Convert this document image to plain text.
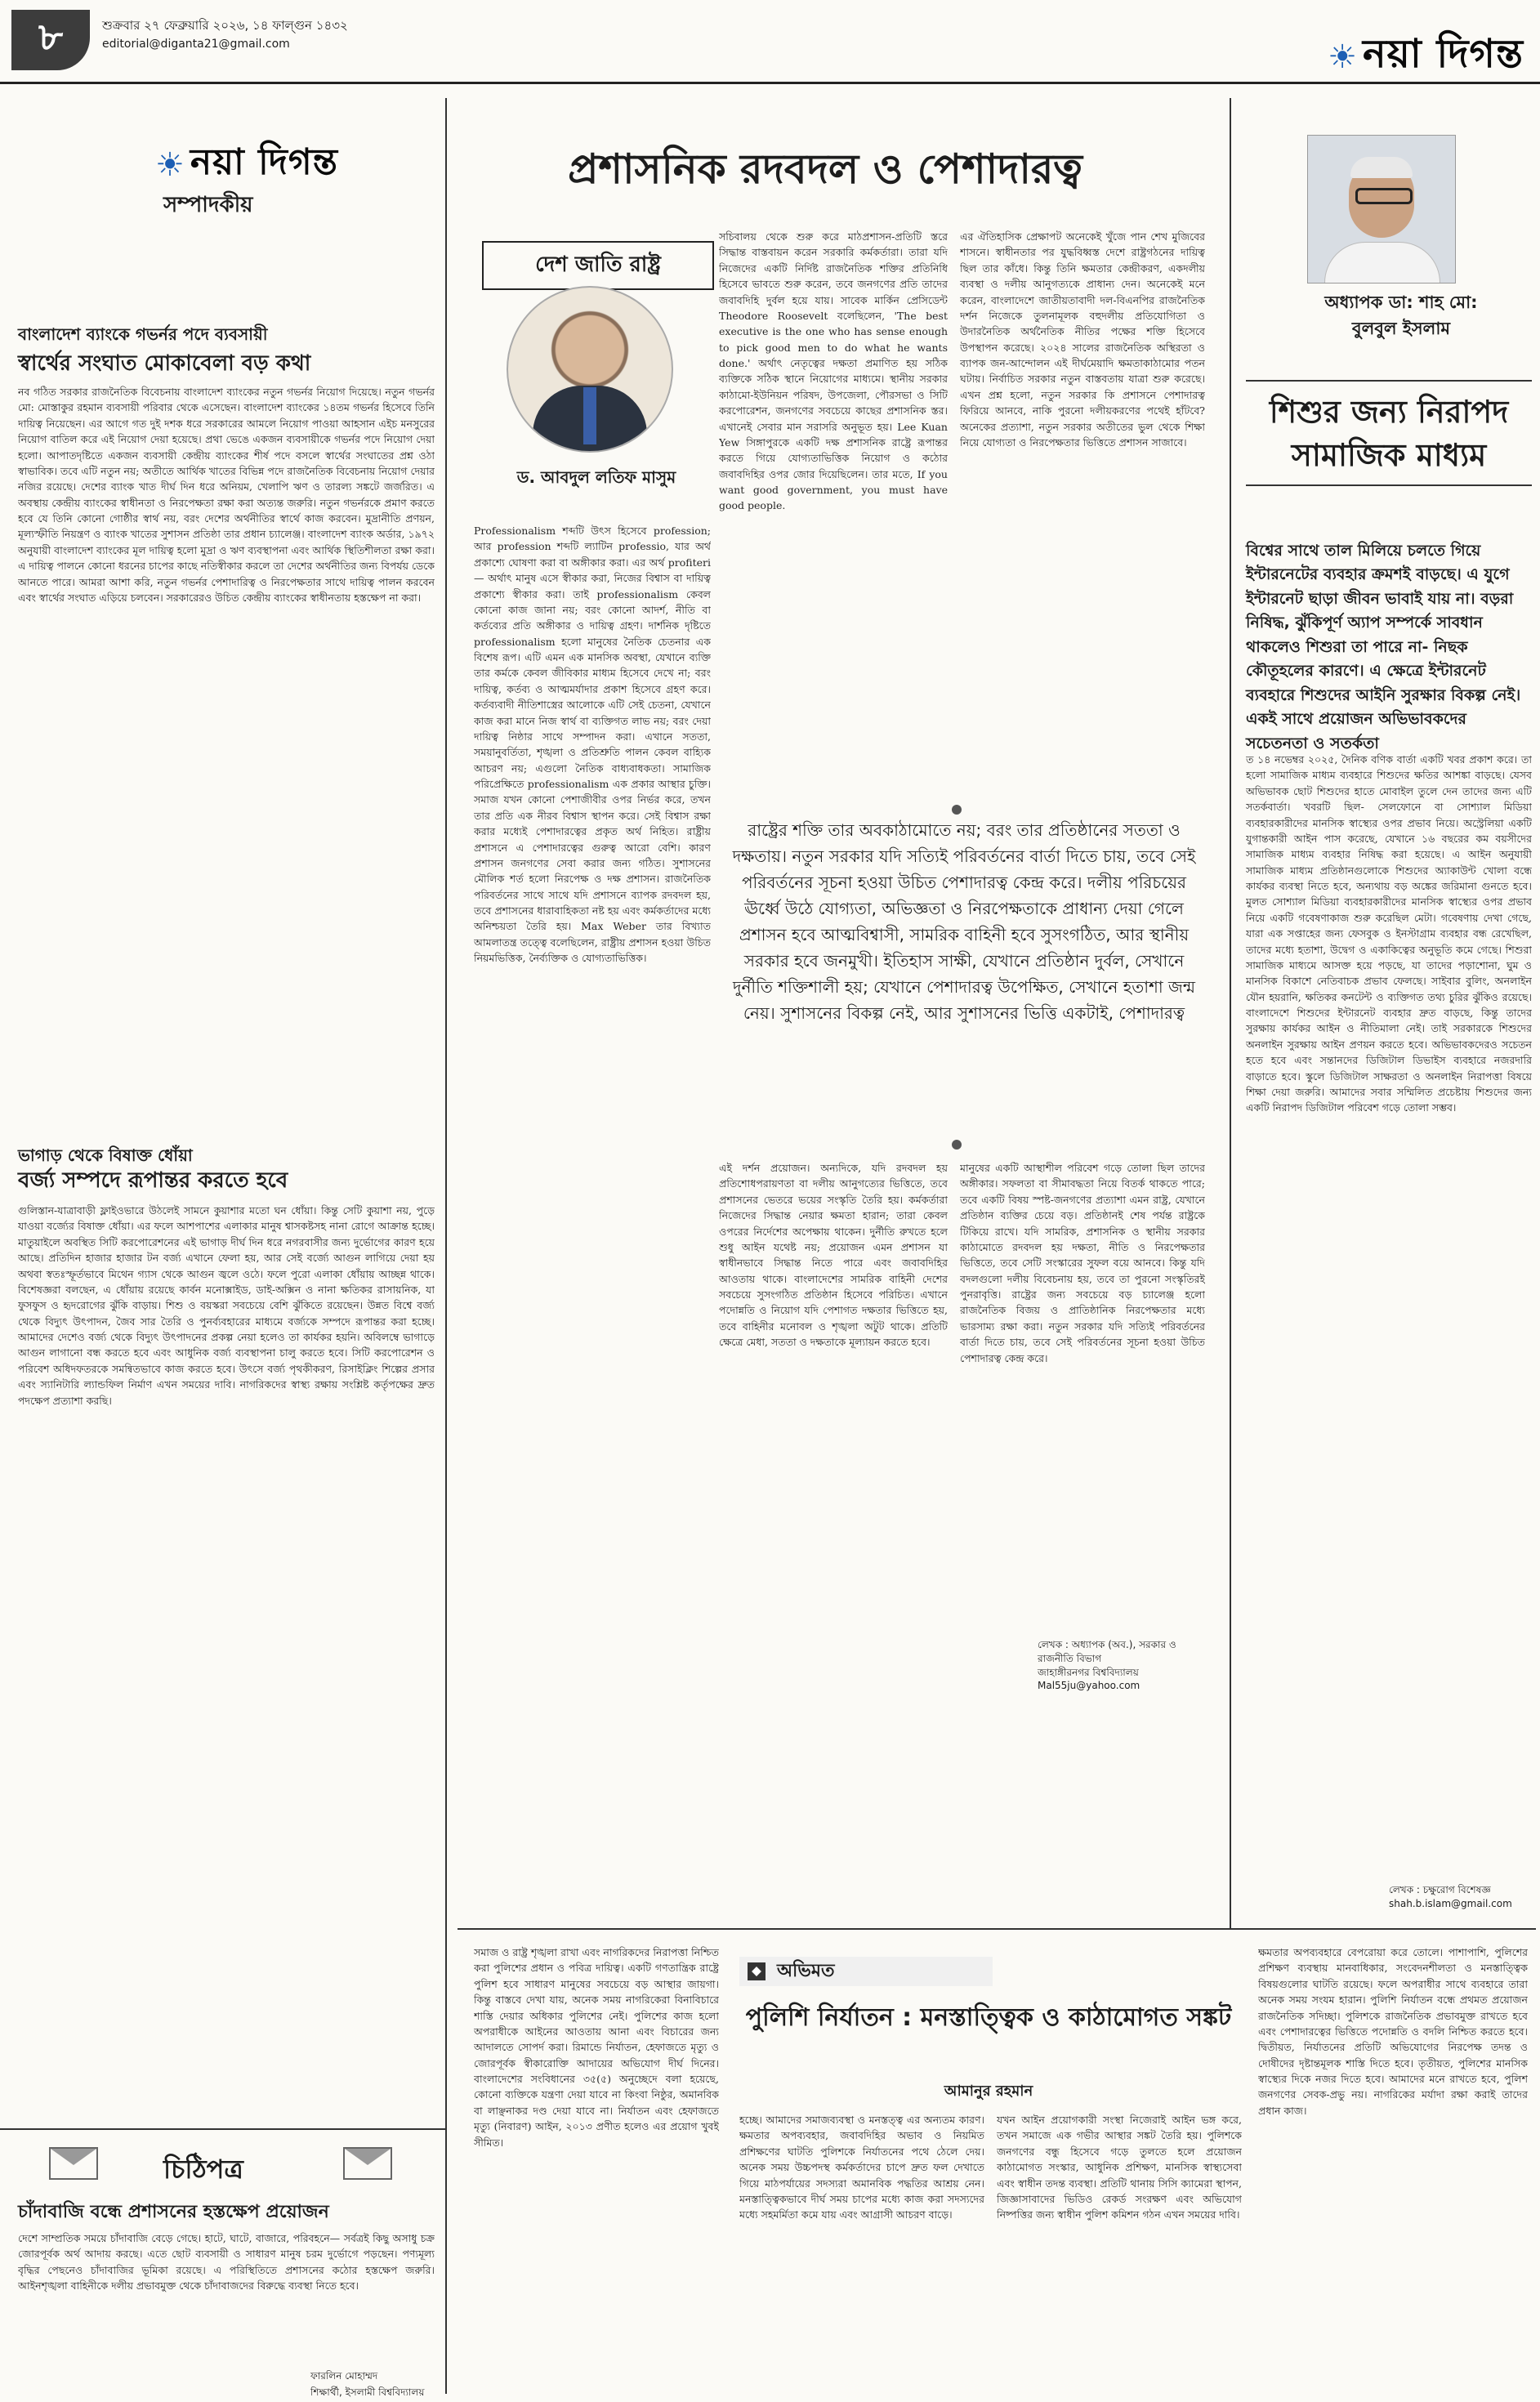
৮	শুক্রবার ২৭ ফেব্রুয়ারি ২০২৬, ১৪ ফাল্গুন ১৪৩২
editorial@diganta21@gmail.com	☀ নয়া দিগন্ত
☀ নয়া দিগন্ত
সম্পাদকীয়
বাংলাদেশ ব্যাংকে গভর্নর পদে ব্যবসায়ী
স্বার্থের সংঘাত মোকাবেলা বড় কথা
নব গঠিত সরকার রাজনৈতিক বিবেচনায় বাংলাদেশ ব্যাংকের নতুন গভর্নর নিয়োগ দিয়েছে। নতুন গভর্নর মো: মোস্তাকুর রহমান ব্যবসায়ী পরিবার থেকে এসেছেন। বাংলাদেশ ব্যাংকের ১৪তম গভর্নর হিসেবে তিনি দায়িত্ব নিয়েছেন। এর আগে গত দুই দশক ধরে সরকারের আমলে নিয়োগ পাওয়া আহসান এইচ মনসুরের নিয়োগ বাতিল করে এই নিয়োগ দেয়া হয়েছে। প্রথা ভেঙে একজন ব্যবসায়ীকে গভর্নর পদে নিয়োগ দেয়া হলো। আপাতদৃষ্টিতে একজন ব্যবসায়ী কেন্দ্রীয় ব্যাংকের শীর্ষ পদে বসলে স্বার্থের সংঘাতের প্রশ্ন ওঠা স্বাভাবিক। তবে এটি নতুন নয়; অতীতে আর্থিক খাতের বিভিন্ন পদে রাজনৈতিক বিবেচনায় নিয়োগ দেয়ার নজির রয়েছে। দেশের ব্যাংক খাত দীর্ঘ দিন ধরে অনিয়ম, খেলাপি ঋণ ও তারল্য সঙ্কটে জর্জরিত। এ অবস্থায় কেন্দ্রীয় ব্যাংকের স্বাধীনতা ও নিরপেক্ষতা রক্ষা করা অত্যন্ত জরুরি। নতুন গভর্নরকে প্রমাণ করতে হবে যে তিনি কোনো গোষ্ঠীর স্বার্থ নয়, বরং দেশের অর্থনীতির স্বার্থে কাজ করবেন। মুদ্রানীতি প্রণয়ন, মূল্যস্ফীতি নিয়ন্ত্রণ ও ব্যাংক খাতের সুশাসন প্রতিষ্ঠা তার প্রধান চ্যালেঞ্জ। বাংলাদেশ ব্যাংক অর্ডার, ১৯৭২ অনুযায়ী বাংলাদেশ ব্যাংকের মূল দায়িত্ব হলো মুদ্রা ও ঋণ ব্যবস্থাপনা এবং আর্থিক স্থিতিশীলতা রক্ষা করা। এ দায়িত্ব পালনে কোনো ধরনের চাপের কাছে নতিস্বীকার করলে তা দেশের অর্থনীতির জন্য বিপর্যয় ডেকে আনতে পারে। আমরা আশা করি, নতুন গভর্নর পেশাদারিত্ব ও নিরপেক্ষতার সাথে দায়িত্ব পালন করবেন এবং স্বার্থের সংঘাত এড়িয়ে চলবেন। সরকারেরও উচিত কেন্দ্রীয় ব্যাংকের স্বাধীনতায় হস্তক্ষেপ না করা।
ভাগাড় থেকে বিষাক্ত ধোঁয়া
বর্জ্য সম্পদে রূপান্তর করতে হবে
গুলিস্তান-যাত্রাবাড়ী ফ্লাইওভারে উঠলেই সামনে কুয়াশার মতো ঘন ধোঁয়া। কিন্তু সেটি কুয়াশা নয়, পুড়ে যাওয়া বর্জ্যের বিষাক্ত ধোঁয়া। এর ফলে আশপাশের এলাকার মানুষ শ্বাসকষ্টসহ নানা রোগে আক্রান্ত হচ্ছে। মাতুয়াইলে অবস্থিত সিটি করপোরেশনের এই ভাগাড় দীর্ঘ দিন ধরে নগরবাসীর জন্য দুর্ভোগের কারণ হয়ে আছে। প্রতিদিন হাজার হাজার টন বর্জ্য এখানে ফেলা হয়, আর সেই বর্জ্যে আগুন লাগিয়ে দেয়া হয় অথবা স্বতঃস্ফূর্তভাবে মিথেন গ্যাস থেকে আগুন জ্বলে ওঠে। ফলে পুরো এলাকা ধোঁয়ায় আচ্ছন্ন থাকে। বিশেষজ্ঞরা বলছেন, এ ধোঁয়ায় রয়েছে কার্বন মনোক্সাইড, ডাই-অক্সিন ও নানা ক্ষতিকর রাসায়নিক, যা ফুসফুস ও হৃদরোগের ঝুঁকি বাড়ায়। শিশু ও বয়স্করা সবচেয়ে বেশি ঝুঁকিতে রয়েছেন। উন্নত বিশ্বে বর্জ্য থেকে বিদ্যুৎ উৎপাদন, জৈব সার তৈরি ও পুনর্ব্যবহারের মাধ্যমে বর্জ্যকে সম্পদে রূপান্তর করা হচ্ছে। আমাদের দেশেও বর্জ্য থেকে বিদ্যুৎ উৎপাদনের প্রকল্প নেয়া হলেও তা কার্যকর হয়নি। অবিলম্বে ভাগাড়ে আগুন লাগানো বন্ধ করতে হবে এবং আধুনিক বর্জ্য ব্যবস্থাপনা চালু করতে হবে। সিটি করপোরেশন ও পরিবেশ অধিদফতরকে সমন্বিতভাবে কাজ করতে হবে। উৎসে বর্জ্য পৃথকীকরণ, রিসাইক্লিং শিল্পের প্রসার এবং স্যানিটারি ল্যান্ডফিল নির্মাণ এখন সময়ের দাবি। নাগরিকদের স্বাস্থ্য রক্ষায় সংশ্লিষ্ট কর্তৃপক্ষের দ্রুত পদক্ষেপ প্রত্যাশা করছি।
চিঠিপত্র
চাঁদাবাজি বন্ধে প্রশাসনের হস্তক্ষেপ প্রয়োজন
দেশে সাম্প্রতিক সময়ে চাঁদাবাজি বেড়ে গেছে। হাটে, ঘাটে, বাজারে, পরিবহনে— সর্বত্রই কিছু অসাধু চক্র জোরপূর্বক অর্থ আদায় করছে। এতে ছোট ব্যবসায়ী ও সাধারণ মানুষ চরম দুর্ভোগে পড়ছেন। পণ্যমূল্য বৃদ্ধির পেছনেও চাঁদাবাজির ভূমিকা রয়েছে। এ পরিস্থিতিতে প্রশাসনের কঠোর হস্তক্ষেপ জরুরি। আইনশৃঙ্খলা বাহিনীকে দলীয় প্রভাবমুক্ত থেকে চাঁদাবাজদের বিরুদ্ধে ব্যবস্থা নিতে হবে।
ফারলিন মোহাম্মদ
শিক্ষার্থী, ইসলামী বিশ্ববিদ্যালয়
প্রশাসনিক রদবদল ও পেশাদারত্ব
দেশ জাতি রাষ্ট্র
ড. আবদুল লতিফ মাসুম
Professionalism শব্দটি উৎস হিসেবে profession; আর profession শব্দটি ল্যাটিন professio, যার অর্থ প্রকাশ্যে ঘোষণা করা বা অঙ্গীকার করা। এর অর্থ profiteri— অর্থাৎ মানুষ এসে স্বীকার করা, নিজের বিশ্বাস বা দায়িত্ব প্রকাশ্যে স্বীকার করা। তাই professionalism কেবল কোনো কাজ জানা নয়; বরং কোনো আদর্শ, নীতি বা কর্তব্যের প্রতি অঙ্গীকার ও দায়িত্ব গ্রহণ। দার্শনিক দৃষ্টিতে professionalism হলো মানুষের নৈতিক চেতনার এক বিশেষ রূপ। এটি এমন এক মানসিক অবস্থা, যেখানে ব্যক্তি তার কর্মকে কেবল জীবিকার মাধ্যম হিসেবে দেখে না; বরং দায়িত্ব, কর্তব্য ও আত্মমর্যাদার প্রকাশ হিসেবে গ্রহণ করে। কর্তব্যবাদী নীতিশাস্ত্রের আলোকে এটি সেই চেতনা, যেখানে কাজ করা মানে নিজ স্বার্থ বা ব্যক্তিগত লাভ নয়; বরং দেয়া দায়িত্ব নিষ্ঠার সাথে সম্পাদন করা। এখানে সততা, সময়ানুবর্তিতা, শৃঙ্খলা ও প্রতিশ্রুতি পালন কেবল বাহ্যিক আচরণ নয়; এগুলো নৈতিক বাধ্যবাধকতা। সামাজিক পরিপ্রেক্ষিতে professionalism এক প্রকার আস্থার চুক্তি। সমাজ যখন কোনো পেশাজীবীর ওপর নির্ভর করে, তখন তার প্রতি এক নীরব বিশ্বাস স্থাপন করে। সেই বিশ্বাস রক্ষা করার মধ্যেই পেশাদারত্বের প্রকৃত অর্থ নিহিত। রাষ্ট্রীয় প্রশাসনে এ পেশাদারত্বের গুরুত্ব আরো বেশি। কারণ প্রশাসন জনগণের সেবা করার জন্য গঠিত। সুশাসনের মৌলিক শর্ত হলো নিরপেক্ষ ও দক্ষ প্রশাসন। রাজনৈতিক পরিবর্তনের সাথে সাথে যদি প্রশাসনে ব্যাপক রদবদল হয়, তবে প্রশাসনের ধারাবাহিকতা নষ্ট হয় এবং কর্মকর্তাদের মধ্যে অনিশ্চয়তা তৈরি হয়। Max Weber তার বিখ্যাত আমলাতন্ত্র তত্ত্বে বলেছিলেন, রাষ্ট্রীয় প্রশাসন হওয়া উচিত নিয়মভিত্তিক, নৈর্ব্যক্তিক ও যোগ্যতাভিত্তিক।
সচিবালয় থেকে শুরু করে মাঠপ্রশাসন-প্রতিটি স্তরে সিদ্ধান্ত বাস্তবায়ন করেন সরকারি কর্মকর্তারা। তারা যদি নিজেদের একটি নির্দিষ্ট রাজনৈতিক শক্তির প্রতিনিধি হিসেবে ভাবতে শুরু করেন, তবে জনগণের প্রতি তাদের জবাবদিহি দুর্বল হয়ে যায়। সাবেক মার্কিন প্রেসিডেন্ট Theodore Roosevelt বলেছিলেন, 'The best executive is the one who has sense enough to pick good men to do what he wants done.' অর্থাৎ নেতৃত্বের দক্ষতা প্রমাণিত হয় সঠিক ব্যক্তিকে সঠিক স্থানে নিয়োগের মাধ্যমে। স্থানীয় সরকার কাঠামো-ইউনিয়ন পরিষদ, উপজেলা, পৌরসভা ও সিটি করপোরেশন, জনগণের সবচেয়ে কাছের প্রশাসনিক স্তর। এখানেই সেবার মান সরাসরি অনুভূত হয়। Lee Kuan Yew সিঙ্গাপুরকে একটি দক্ষ প্রশাসনিক রাষ্ট্রে রূপান্তর করতে গিয়ে যোগ্যতাভিত্তিক নিয়োগ ও কঠোর জবাবদিহির ওপর জোর দিয়েছিলেন। তার মতে, If you want good government, you must have good people.
এর ঐতিহাসিক প্রেক্ষাপট অনেকেই খুঁজে পান শেখ মুজিবের শাসনে। স্বাধীনতার পর যুদ্ধবিধ্বস্ত দেশে রাষ্ট্রগঠনের দায়িত্ব ছিল তার কাঁধে। কিন্তু তিনি ক্ষমতার কেন্দ্রীকরণ, একদলীয় ব্যবস্থা ও দলীয় আনুগত্যকে প্রাধান্য দেন। অনেকেই মনে করেন, বাংলাদেশে জাতীয়তাবাদী দল-বিএনপির রাজনৈতিক দর্শন নিজেকে তুলনামূলক বহুদলীয় প্রতিযোগিতা ও উদারনৈতিক অর্থনৈতিক নীতির পক্ষের শক্তি হিসেবে উপস্থাপন করেছে। ২০২৪ সালের রাজনৈতিক অস্থিরতা ও ব্যাপক জন-আন্দোলন এই দীর্ঘমেয়াদি ক্ষমতাকাঠামোর পতন ঘটায়। নির্বাচিত সরকার নতুন বাস্তবতায় যাত্রা শুরু করেছে। এখন প্রশ্ন হলো, নতুন সরকার কি প্রশাসনে পেশাদারত্ব ফিরিয়ে আনবে, নাকি পুরনো দলীয়করণের পথেই হাঁটবে? অনেকের প্রত্যাশা, নতুন সরকার অতীতের ভুল থেকে শিক্ষা নিয়ে যোগ্যতা ও নিরপেক্ষতার ভিত্তিতে প্রশাসন সাজাবে।
রাষ্ট্রের শক্তি তার অবকাঠামোতে নয়; বরং তার প্রতিষ্ঠানের সততা ও দক্ষতায়। নতুন সরকার যদি সত্যিই পরিবর্তনের বার্তা দিতে চায়, তবে সেই পরিবর্তনের সূচনা হওয়া উচিত পেশাদারত্ব কেন্দ্র করে। দলীয় পরিচয়ের ঊর্ধ্বে উঠে যোগ্যতা, অভিজ্ঞতা ও নিরপেক্ষতাকে প্রাধান্য দেয়া গেলে প্রশাসন হবে আত্মবিশ্বাসী, সামরিক বাহিনী হবে সুসংগঠিত, আর স্থানীয় সরকার হবে জনমুখী। ইতিহাস সাক্ষী, যেখানে প্রতিষ্ঠান দুর্বল, সেখানে দুর্নীতি শক্তিশালী হয়; যেখানে পেশাদারত্ব উপেক্ষিত, সেখানে হতাশা জন্ম নেয়। সুশাসনের বিকল্প নেই, আর সুশাসনের ভিত্তি একটাই, পেশাদারত্ব
এই দর্শন প্রয়োজন। অন্যদিকে, যদি রদবদল হয় প্রতিশোধপরায়ণতা বা দলীয় আনুগত্যের ভিত্তিতে, তবে প্রশাসনের ভেতরে ভয়ের সংস্কৃতি তৈরি হয়। কর্মকর্তারা নিজেদের সিদ্ধান্ত নেয়ার ক্ষমতা হারান; তারা কেবল ওপরের নির্দেশের অপেক্ষায় থাকেন। দুর্নীতি রুখতে হলে শুধু আইন যথেষ্ট নয়; প্রয়োজন এমন প্রশাসন যা স্বাধীনভাবে সিদ্ধান্ত নিতে পারে এবং জবাবদিহির আওতায় থাকে। বাংলাদেশের সামরিক বাহিনী দেশের সবচেয়ে সুসংগঠিত প্রতিষ্ঠান হিসেবে পরিচিত। এখানে পদোন্নতি ও নিয়োগ যদি পেশাগত দক্ষতার ভিত্তিতে হয়, তবে বাহিনীর মনোবল ও শৃঙ্খলা অটুট থাকে। প্রতিটি ক্ষেত্রে মেধা, সততা ও দক্ষতাকে মূল্যায়ন করতে হবে।
মানুষের একটি আস্থাশীল পরিবেশ গড়ে তোলা ছিল তাদের অঙ্গীকার। সফলতা বা সীমাবদ্ধতা নিয়ে বিতর্ক থাকতে পারে; তবে একটি বিষয় স্পষ্ট-জনগণের প্রত্যাশা এমন রাষ্ট্র, যেখানে প্রতিষ্ঠান ব্যক্তির চেয়ে বড়। প্রতিষ্ঠানই শেষ পর্যন্ত রাষ্ট্রকে টিকিয়ে রাখে। যদি সামরিক, প্রশাসনিক ও স্থানীয় সরকার কাঠামোতে রদবদল হয় দক্ষতা, নীতি ও নিরপেক্ষতার ভিত্তিতে, তবে সেটি সংস্কারের সুফল বয়ে আনবে। কিন্তু যদি বদলগুলো দলীয় বিবেচনায় হয়, তবে তা পুরনো সংস্কৃতিরই পুনরাবৃত্তি। রাষ্ট্রের জন্য সবচেয়ে বড় চ্যালেঞ্জ হলো রাজনৈতিক বিজয় ও প্রাতিষ্ঠানিক নিরপেক্ষতার মধ্যে ভারসাম্য রক্ষা করা। নতুন সরকার যদি সত্যিই পরিবর্তনের বার্তা দিতে চায়, তবে সেই পরিবর্তনের সূচনা হওয়া উচিত পেশাদারত্ব কেন্দ্র করে।
লেখক : অধ্যাপক (অব.), সরকার ও রাজনীতি বিভাগ
জাহাঙ্গীরনগর বিশ্ববিদ্যালয়
Mal55ju@yahoo.com
সমাজ ও রাষ্ট্র শৃঙ্খলা রাখা এবং নাগরিকদের নিরাপত্তা নিশ্চিত করা পুলিশের প্রধান ও পবিত্র দায়িত্ব। একটি গণতান্ত্রিক রাষ্ট্রে পুলিশ হবে সাধারণ মানুষের সবচেয়ে বড় আস্থার জায়গা। কিন্তু বাস্তবে দেখা যায়, অনেক সময় নাগরিকেরা বিনাবিচারে শাস্তি দেয়ার অধিকার পুলিশের নেই। পুলিশের কাজ হলো অপরাধীকে আইনের আওতায় আনা এবং বিচারের জন্য আদালতে সোপর্দ করা। রিমান্ডে নির্যাতন, হেফাজতে মৃত্যু ও জোরপূর্বক স্বীকারোক্তি আদায়ের অভিযোগ দীর্ঘ দিনের। বাংলাদেশের সংবিধানের ৩৫(৫) অনুচ্ছেদে বলা হয়েছে, কোনো ব্যক্তিকে যন্ত্রণা দেয়া যাবে না কিংবা নিষ্ঠুর, অমানবিক বা লাঞ্ছনাকর দণ্ড দেয়া যাবে না। নির্যাতন এবং হেফাজতে মৃত্যু (নিবারণ) আইন, ২০১৩ প্রণীত হলেও এর প্রয়োগ খুবই সীমিত।
অভিমত
পুলিশি নির্যাতন : মনস্তাত্ত্বিক ও কাঠামোগত সঙ্কট
আমানুর রহমান
হচ্ছে। আমাদের সমাজব্যবস্থা ও মনস্তত্ত্ব এর অন্যতম কারণ। ক্ষমতার অপব্যবহার, জবাবদিহির অভাব ও নিয়মিত প্রশিক্ষণের ঘাটতি পুলিশকে নির্যাতনের পথে ঠেলে দেয়। অনেক সময় উচ্চপদস্থ কর্মকর্তাদের চাপে দ্রুত ফল দেখাতে গিয়ে মাঠপর্যায়ের সদস্যরা অমানবিক পদ্ধতির আশ্রয় নেন। মনস্তাত্ত্বিকভাবে দীর্ঘ সময় চাপের মধ্যে কাজ করা সদস্যদের মধ্যে সহমর্মিতা কমে যায় এবং আগ্রাসী আচরণ বাড়ে।
যখন আইন প্রয়োগকারী সংস্থা নিজেরাই আইন ভঙ্গ করে, তখন সমাজে এক গভীর আস্থার সঙ্কট তৈরি হয়। পুলিশকে জনগণের বন্ধু হিসেবে গড়ে তুলতে হলে প্রয়োজন কাঠামোগত সংস্কার, আধুনিক প্রশিক্ষণ, মানসিক স্বাস্থ্যসেবা এবং স্বাধীন তদন্ত ব্যবস্থা। প্রতিটি থানায় সিসি ক্যামেরা স্থাপন, জিজ্ঞাসাবাদের ভিডিও রেকর্ড সংরক্ষণ এবং অভিযোগ নিষ্পত্তির জন্য স্বাধীন পুলিশ কমিশন গঠন এখন সময়ের দাবি।
ক্ষমতার অপব্যবহারে বেপরোয়া করে তোলে। পাশাপাশি, পুলিশের প্রশিক্ষণ ব্যবস্থায় মানবাধিকার, সংবেদনশীলতা ও মনস্তাত্ত্বিক বিষয়গুলোর ঘাটতি রয়েছে। ফলে অপরাধীর সাথে ব্যবহারে তারা অনেক সময় সংযম হারান। পুলিশি নির্যাতন বন্ধে প্রথমত প্রয়োজন রাজনৈতিক সদিচ্ছা। পুলিশকে রাজনৈতিক প্রভাবমুক্ত রাখতে হবে এবং পেশাদারত্বের ভিত্তিতে পদোন্নতি ও বদলি নিশ্চিত করতে হবে। দ্বিতীয়ত, নির্যাতনের প্রতিটি অভিযোগের নিরপেক্ষ তদন্ত ও দোষীদের দৃষ্টান্তমূলক শাস্তি দিতে হবে। তৃতীয়ত, পুলিশের মানসিক স্বাস্থ্যের দিকে নজর দিতে হবে। আমাদের মনে রাখতে হবে, পুলিশ জনগণের সেবক-প্রভু নয়। নাগরিকের মর্যাদা রক্ষা করাই তাদের প্রধান কাজ।
অধ্যাপক ডা: শাহ মো:
বুলবুল ইসলাম
শিশুর জন্য নিরাপদ সামাজিক মাধ্যম
বিশ্বের সাথে তাল মিলিয়ে চলতে গিয়ে ইন্টারনেটের ব্যবহার ক্রমশই বাড়ছে। এ যুগে ইন্টারনেট ছাড়া জীবন ভাবাই যায় না। বড়রা নিষিদ্ধ, ঝুঁকিপূর্ণ অ্যাপ সম্পর্কে সাবধান থাকলেও শিশুরা তা পারে না- নিছক কৌতূহলের কারণে। এ ক্ষেত্রে ইন্টারনেট ব্যবহারে শিশুদের আইনি সুরক্ষার বিকল্প নেই। একই সাথে প্রয়োজন অভিভাবকদের সচেতনতা ও সতর্কতা
ত ১৪ নভেম্বর ২০২৫, দৈনিক বণিক বার্তা একটি খবর প্রকাশ করে। তা হলো সামাজিক মাধ্যম ব্যবহারে শিশুদের ক্ষতির আশঙ্কা বাড়ছে। যেসব অভিভাবক ছোট শিশুদের হাতে মোবাইল তুলে দেন তাদের জন্য এটি সতর্কবার্তা। খবরটি ছিল- সেলফোনে বা সোশ্যাল মিডিয়া ব্যবহারকারীদের মানসিক স্বাস্থ্যের ওপর প্রভাব নিয়ে। অস্ট্রেলিয়া একটি যুগান্তকারী আইন পাস করেছে, যেখানে ১৬ বছরের কম বয়সীদের সামাজিক মাধ্যম ব্যবহার নিষিদ্ধ করা হয়েছে। এ আইন অনুযায়ী সামাজিক মাধ্যম প্রতিষ্ঠানগুলোকে শিশুদের অ্যাকাউন্ট খোলা বন্ধে কার্যকর ব্যবস্থা নিতে হবে, অন্যথায় বড় অঙ্কের জরিমানা গুনতে হবে। মুলত সোশ্যাল মিডিয়া ব্যবহারকারীদের মানসিক স্বাস্থ্যের ওপর প্রভাব নিয়ে একটি গবেষণাকাজ শুরু করেছিল মেটা। গবেষণায় দেখা গেছে, যারা এক সপ্তাহের জন্য ফেসবুক ও ইনস্টাগ্রাম ব্যবহার বন্ধ রেখেছিল, তাদের মধ্যে হতাশা, উদ্বেগ ও একাকিত্বের অনুভূতি কমে গেছে। শিশুরা সামাজিক মাধ্যমে আসক্ত হয়ে পড়ছে, যা তাদের পড়াশোনা, ঘুম ও মানসিক বিকাশে নেতিবাচক প্রভাব ফেলছে। সাইবার বুলিং, অনলাইন যৌন হয়রানি, ক্ষতিকর কনটেন্ট ও ব্যক্তিগত তথ্য চুরির ঝুঁকিও রয়েছে। বাংলাদেশে শিশুদের ইন্টারনেট ব্যবহার দ্রুত বাড়ছে, কিন্তু তাদের সুরক্ষায় কার্যকর আইন ও নীতিমালা নেই। তাই সরকারকে শিশুদের অনলাইন সুরক্ষায় আইন প্রণয়ন করতে হবে। অভিভাবকদেরও সচেতন হতে হবে এবং সন্তানদের ডিজিটাল ডিভাইস ব্যবহারে নজরদারি বাড়াতে হবে। স্কুলে ডিজিটাল সাক্ষরতা ও অনলাইন নিরাপত্তা বিষয়ে শিক্ষা দেয়া জরুরি। আমাদের সবার সম্মিলিত প্রচেষ্টায় শিশুদের জন্য একটি নিরাপদ ডিজিটাল পরিবেশ গড়ে তোলা সম্ভব।
লেখক : চক্ষুরোগ বিশেষজ্ঞ
shah.b.islam@gmail.com
